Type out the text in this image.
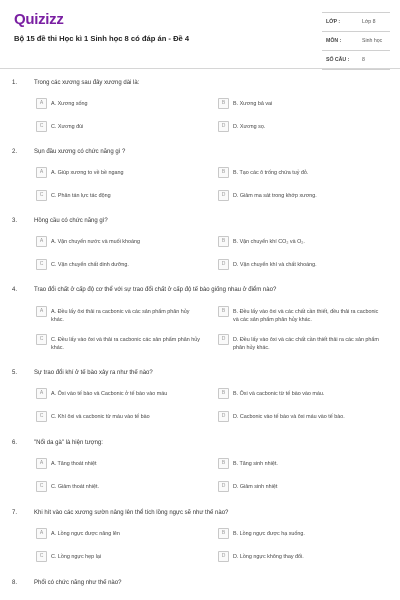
Quizizz
Bộ 15 đề thi Học kì 1 Sinh học 8 có đáp án - Đề 4
LỚP :	Lớp 8
MÔN :	Sinh học
SỐ CÂU :	8
1.	Trong các xương sau đây xương dài là:
A	A. Xương sống	B	B. Xương bả vai
C	C. Xương đùi	D	D. Xương sọ.
2.	Sụn đầu xương có chức năng gì ?
A	A. Giúp xương to về bề ngang	B	B. Tạo các ô trống chứa tuỷ đỏ.
C	C. Phân tán lực tác động	D	D. Giảm ma sát trong khớp xương.
3.	Hồng cầu có chức năng gì?
A	A. Vận chuyển nước và muối khoáng	B	B. Vận chuyển khí CO₂ và O₂.
C	C. Vận chuyển chất dinh dưỡng.	D	D. Vận chuyển khí và chất khoáng.
4.	Trao đổi chất ở cấp độ cơ thể với sự trao đổi chất ở cấp độ tế bào giống nhau ở điểm nào?
A	A. Đều lấy ôxi thải ra cacbonic và các sản phẩm phân hủy khác.
B	B. Đều lấy vào ôxi và các chất cần thiết, đều thải ra cacbonic và các sản phẩm phân hủy khác.
C	C. Đều lấy vào ôxi và thải ra cacbonic các sản phẩm phân hủy khác.
D	D. Đều lấy vào ôxi và các chất cần thiết thải ra các sản phẩm phân hủy khác.
5.	Sự trao đổi khí ở tế bào xảy ra như thế nào?
A	A. Ôxi vào tế bào và Cacbonic ở tế bào vào máu	B	B. Ôxi và cacbonic từ tế bào vào máu.
C	C. Khí ôxi và cacbonic từ máu vào tế bào	D	D. Cacbonic vào tế bào và ôxi máu vào tế bào.
6.	"Nổi da gà" là hiện tượng:
A	A. Tăng thoát nhiệt	B	B. Tăng sinh nhiệt.
C	C. Giảm thoát nhiệt.	D	D. Giảm sinh nhiệt
7.	Khi hít vào các xương sườn nâng lên thể tích lồng ngực sẽ như thế nào?
A	A. Lồng ngực được nâng lên	B	B. Lồng ngực được hạ xuống.
C	C. Lồng ngực hẹp lại	D	D. Lồng ngực không thay đổi.
8.	Phổi có chức năng như thế nào?
